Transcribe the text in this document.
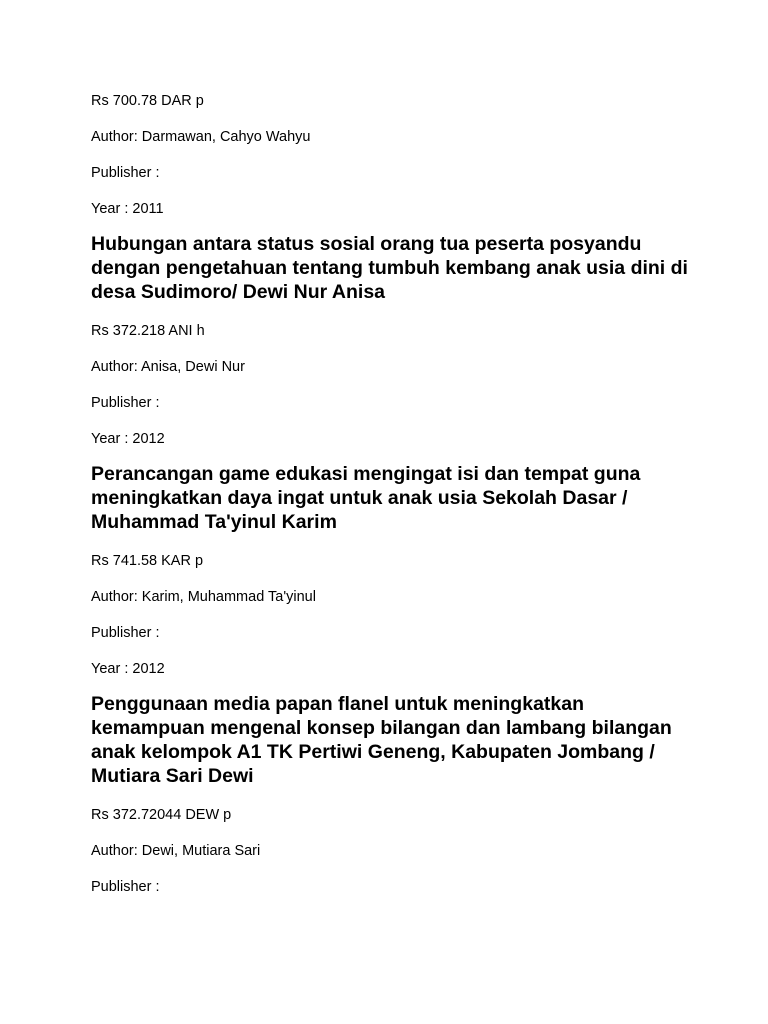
Rs 700.78 DAR p

Author: Darmawan, Cahyo Wahyu

Publisher :

Year : 2011

Hubungan antara status sosial orang tua peserta posyandu dengan pengetahuan tentang tumbuh kembang anak usia dini di desa Sudimoro/ Dewi Nur Anisa

Rs 372.218 ANI h

Author: Anisa, Dewi Nur

Publisher :

Year : 2012

Perancangan game edukasi mengingat isi dan tempat guna meningkatkan daya ingat untuk anak usia Sekolah Dasar / Muhammad Ta'yinul Karim

Rs 741.58 KAR p

Author: Karim, Muhammad Ta'yinul

Publisher :

Year : 2012

Penggunaan media papan flanel untuk meningkatkan kemampuan mengenal konsep bilangan dan lambang bilangan anak kelompok A1 TK Pertiwi Geneng, Kabupaten Jombang / Mutiara Sari Dewi

Rs 372.72044 DEW p

Author: Dewi, Mutiara Sari

Publisher :
